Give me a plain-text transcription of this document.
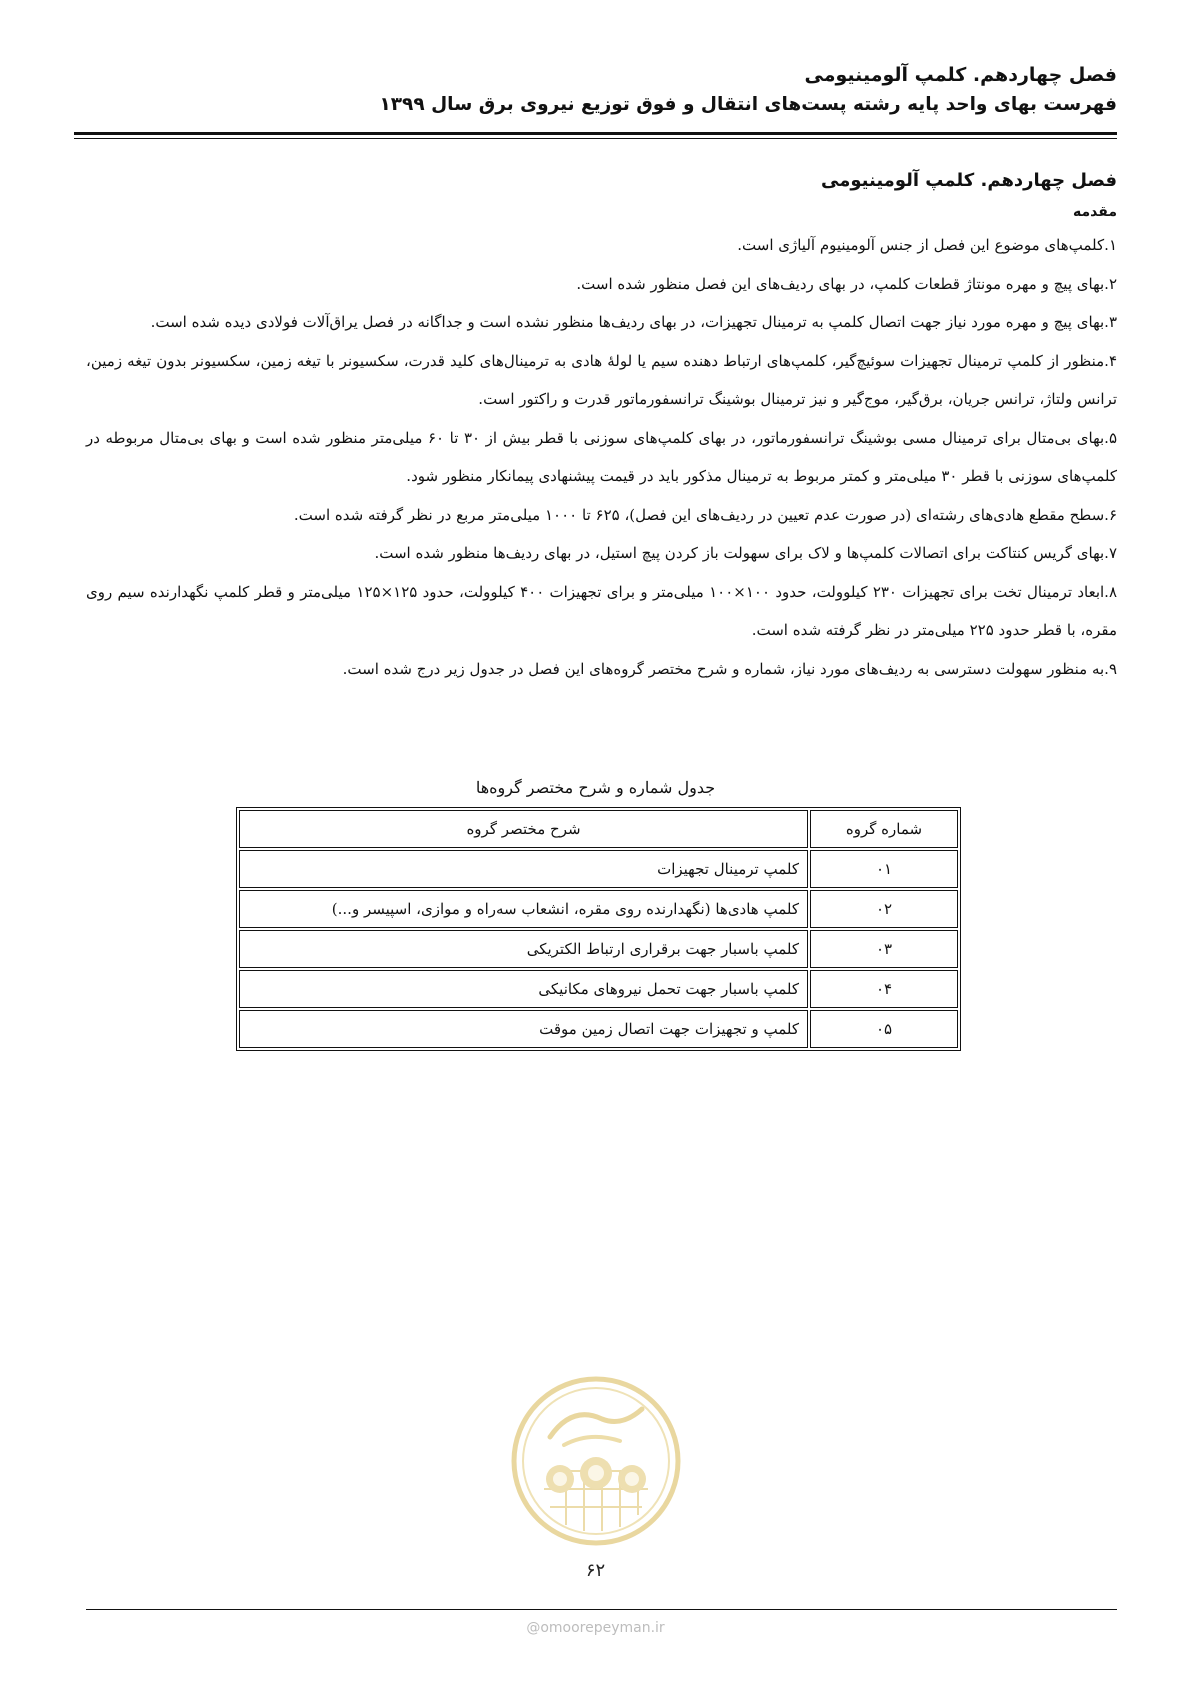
فصل چهاردهم. کلمپ آلومینیومی
فهرست بهای واحد پایه رشته پست‌های انتقال و فوق توزیع نیروی برق سال ۱۳۹۹
فصل چهاردهم. کلمپ آلومینیومی
مقدمه
۱.کلمپ‌های موضوع این فصل از جنس آلومینیوم آلیاژی است.
۲.بهای پیچ و مهره مونتاژ قطعات کلمپ، در بهای ردیف‌های این فصل منظور شده است.
۳.بهای پیچ و مهره مورد نیاز جهت اتصال کلمپ به ترمینال تجهیزات، در بهای ردیف‌ها منظور نشده است و جداگانه در فصل یراق‌آلات فولادی دیده شده است.
۴.منظور از کلمپ ترمینال تجهیزات سوئیچ‌گیر، کلمپ‌های ارتباط دهنده سیم یا لولهٔ هادی به ترمینال‌های کلید قدرت، سکسیونر با تیغه زمین، سکسیونر بدون تیغه زمین، ترانس ولتاژ، ترانس جریان، برق‌گیر، موج‌گیر و نیز ترمینال بوشینگ ترانسفورماتور قدرت و راکتور است.
۵.بهای بی‌متال برای ترمینال مسی بوشینگ ترانسفورماتور، در بهای کلمپ‌های سوزنی با قطر بیش از ۳۰ تا ۶۰ میلی‌متر منظور شده است و بهای بی‌متال مربوطه در کلمپ‌های سوزنی با قطر ۳۰ میلی‌متر و کمتر مربوط به ترمینال مذکور باید در قیمت پیشنهادی پیمانکار منظور شود.
۶.سطح مقطع هادی‌های رشته‌ای (در صورت عدم تعیین در ردیف‌های این فصل)، ۶۲۵ تا ۱۰۰۰ میلی‌متر مربع در نظر گرفته شده است.
۷.بهای گریس کنتاکت برای اتصالات کلمپ‌ها و لاک برای سهولت باز کردن پیچ استیل، در بهای ردیف‌ها منظور شده است.
۸.ابعاد ترمینال تخت برای تجهیزات ۲۳۰ کیلوولت، حدود ۱۰۰×۱۰۰ میلی‌متر و برای تجهیزات ۴۰۰ کیلوولت، حدود ۱۲۵×۱۲۵ میلی‌متر و قطر کلمپ نگهدارنده سیم روی مقره، با قطر حدود ۲۲۵ میلی‌متر در نظر گرفته شده است.
۹.به منظور سهولت دسترسی به ردیف‌های مورد نیاز، شماره و شرح مختصر گروه‌های این فصل در جدول زیر درج شده است.
جدول شماره و شرح مختصر گروه‌ها
شماره گروه	شرح مختصر گروه
۰۱	کلمپ ترمینال تجهیزات
۰۲	کلمپ هادی‌ها (نگهدارنده روی مقره، انشعاب سه‌راه و موازی، اسپیسر و...)
۰۳	کلمپ باسبار جهت برقراری ارتباط الکتریکی
۰۴	کلمپ باسبار جهت تحمل نیروهای مکانیکی
۰۵	کلمپ و تجهیزات جهت اتصال زمین موقت
۶۲
@omoorepeyman.ir
